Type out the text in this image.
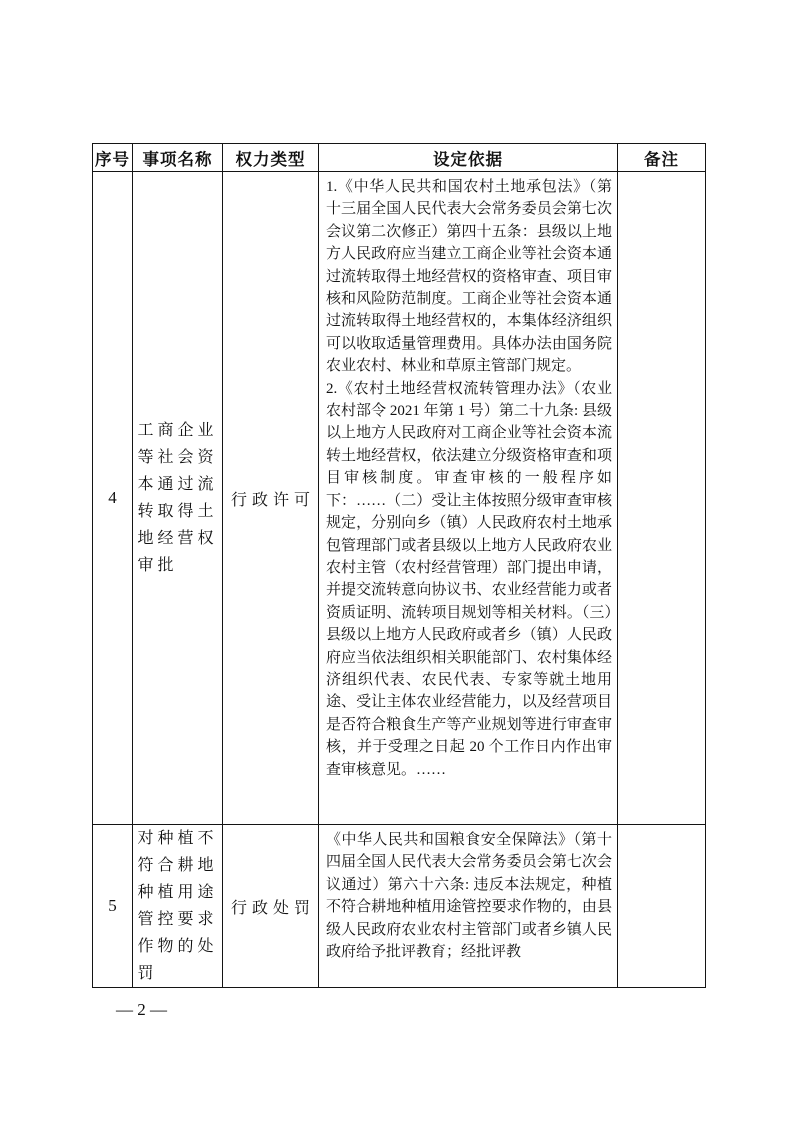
序号	事项名称	权力类型	设定依据	备注
4	工商企业等社会资本通过流转取得土地经营权审批	行政许可	1.《中华人民共和国农村土地承包法》（第十三届全国人民代表大会常务委员会第七次会议第二次修正）第四十五条：县级以上地方人民政府应当建立工商企业等社会资本通过流转取得土地经营权的资格审查、项目审核和风险防范制度。工商企业等社会资本通过流转取得土地经营权的，本集体经济组织可以收取适量管理费用。具体办法由国务院农业农村、林业和草原主管部门规定。

2.《农村土地经营权流转管理办法》（农业农村部令 2021 年第 1 号）第二十九条: 县级以上地方人民政府对工商企业等社会资本流转土地经营权，依法建立分级资格审查和项目审核制度。审查审核的一般程序如下：……（二）受让主体按照分级审查审核规定，分别向乡（镇）人民政府农村土地承包管理部门或者县级以上地方人民政府农业农村主管（农村经营管理）部门提出申请，并提交流转意向协议书、农业经营能力或者资质证明、流转项目规划等相关材料。（三）县级以上地方人民政府或者乡（镇）人民政府应当依法组织相关职能部门、农村集体经济组织代表、农民代表、专家等就土地用途、受让主体农业经营能力，以及经营项目是否符合粮食生产等产业规划等进行审查审核，并于受理之日起 20 个工作日内作出审查审核意见。……	

5	对种植不符合耕地种植用途管控要求作物的处罚	行政处罚	《中华人民共和国粮食安全保障法》（第十四届全国人民代表大会常务委员会第七次会议通过）第六十六条: 违反本法规定，种植不符合耕地种植用途管控要求作物的，由县级人民政府农业农村主管部门或者乡镇人民政府给予批评教育；经批评教	

— 2 —
